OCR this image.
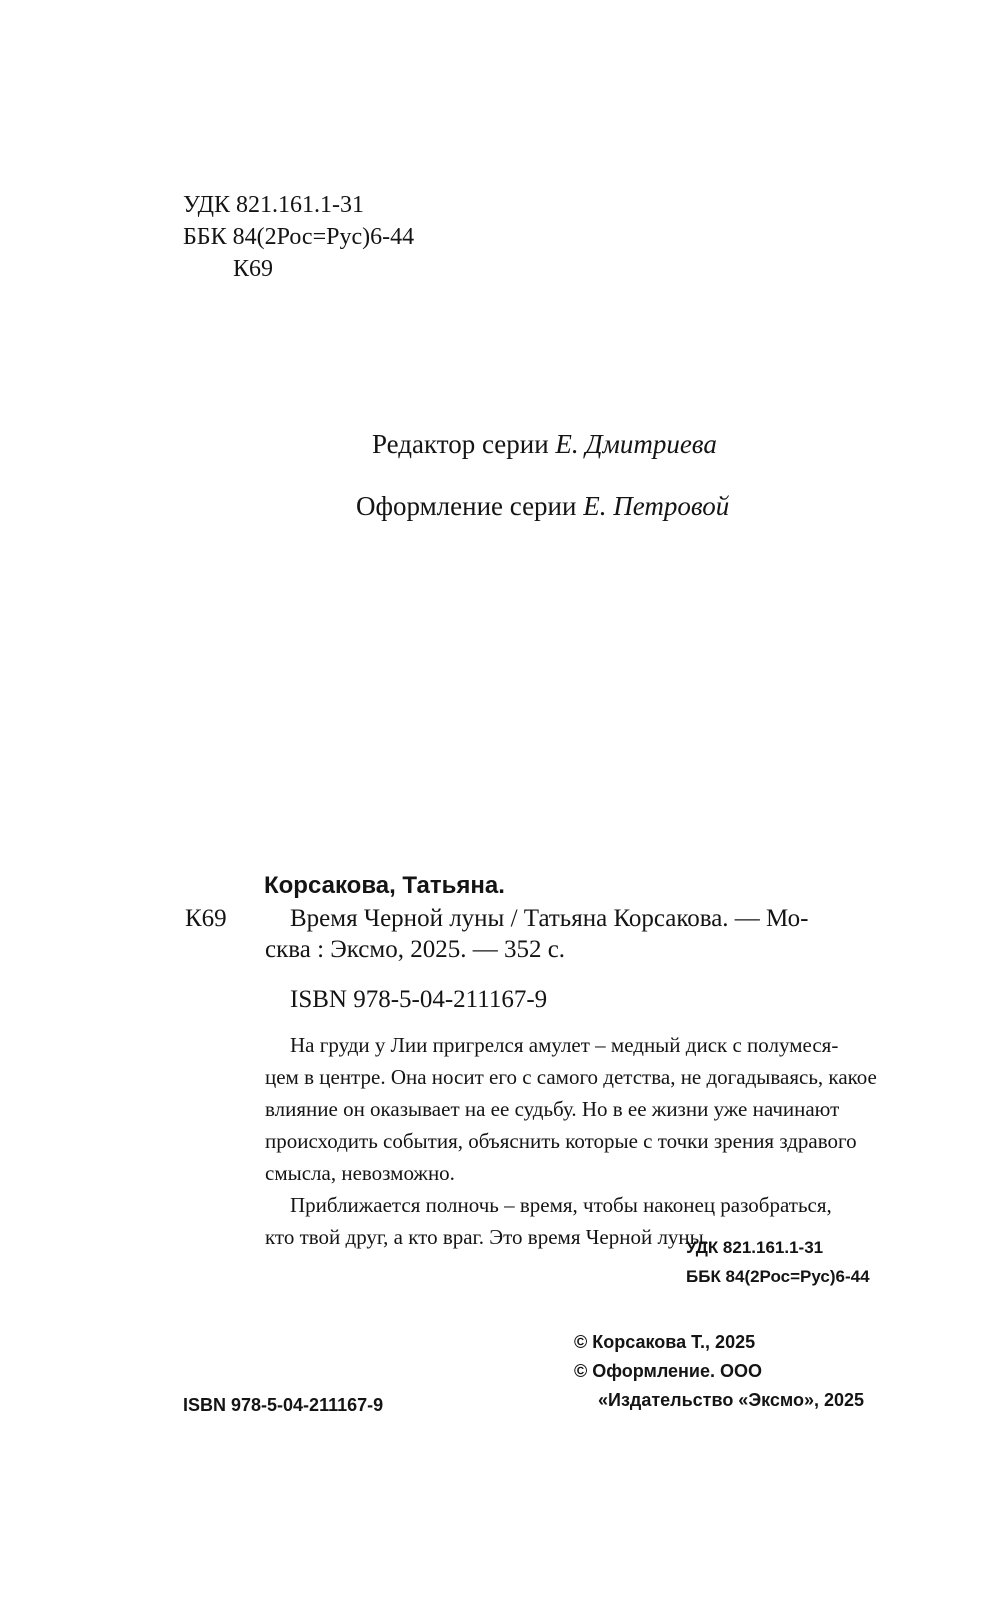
УДК 821.161.1-31
ББК 84(2Рос=Рус)6-44
К69
Редактор серии Е. Дмитриева
Оформление серии Е. Петровой
Корсакова, Татьяна.
К69	Время Черной луны / Татьяна Корсакова. — Мо-
сква : Эксмо, 2025. — 352 с.
ISBN 978-5-04-211167-9
На груди у Лии пригрелся амулет – медный диск с полумеся-
цем в центре. Она носит его с самого детства, не догадываясь, какое
влияние он оказывает на ее судьбу. Но в ее жизни уже начинают
происходить события, объяснить которые с точки зрения здравого
смысла, невозможно.
Приближается полночь – время, чтобы наконец разобраться,
кто твой друг, а кто враг. Это время Черной луны.
УДК 821.161.1-31
ББК 84(2Рос=Рус)6-44
© Корсакова Т., 2025
© Оформление. ООО
«Издательство «Эксмо», 2025
ISBN 978-5-04-211167-9
